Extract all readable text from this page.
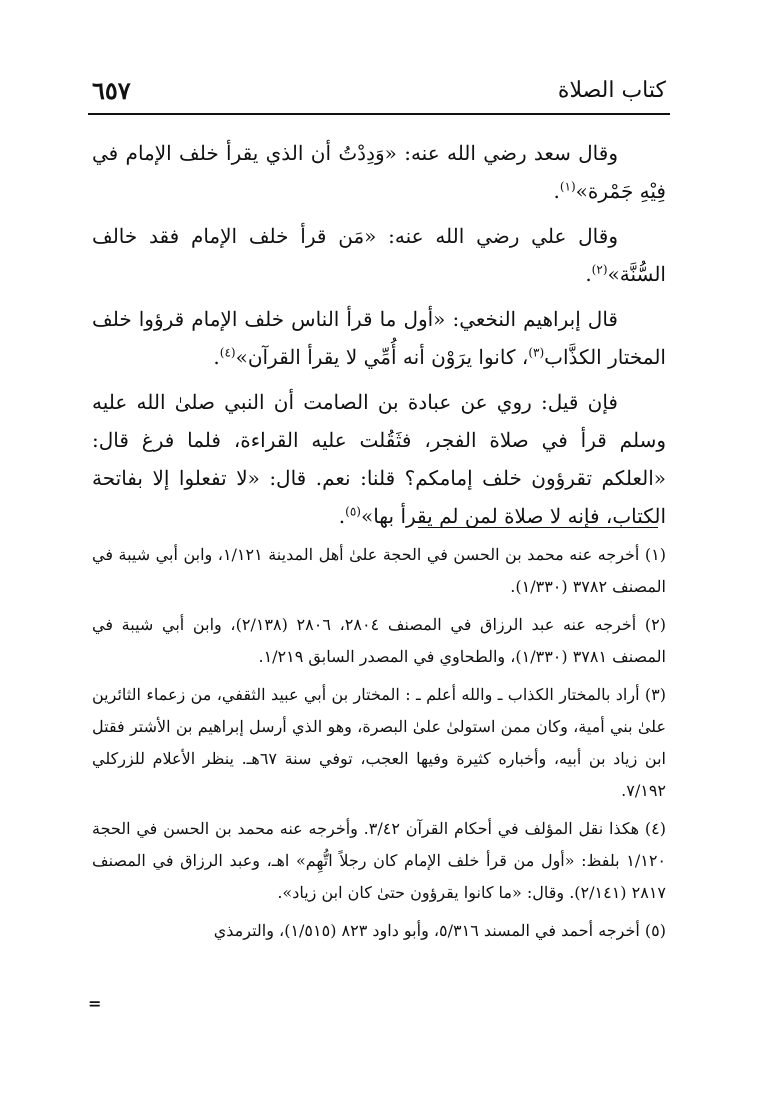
كتاب الصلاة
٦٥٧

وقال سعد رضي الله عنه: «وَدِدْتُ أن الذي يقرأ خلف الإمام في فِيْهِ جَمْرة»$^{(١)}$.

وقال علي رضي الله عنه: «مَن قرأ خلف الإمام فقد خالف السُّنَّة»$^{(٢)}$.

قال إبراهيم النخعي: «أول ما قرأ الناس خلف الإمام قرؤوا خلف المختار الكذَّاب$^{(٣)}$، كانوا يرَوْن أنه أُمِّي لا يقرأ القرآن»$^{(٤)}$.

فإن قيل: روي عن عبادة بن الصامت أن النبي صلىٰ الله عليه وسلم قرأ في صلاة الفجر، فثَقُلت عليه القراءة، فلما فرغ قال: «العلكم تقرؤون خلف إمامكم؟ قلنا: نعم. قال: «لا تفعلوا إلا بفاتحة الكتاب، فإنه لا صلاة لمن لم يقرأ بها»$^{(٥)}$.

(١) أخرجه عنه محمد بن الحسن في الحجة علىٰ أهل المدينة ١/١٢١، وابن أبي شيبة في المصنف ٣٧٨٢ (١/٣٣٠).

(٢) أخرجه عنه عبد الرزاق في المصنف ٢٨٠٤، ٢٨٠٦ (٢/١٣٨)، وابن أبي شيبة في المصنف ٣٧٨١ (١/٣٣٠)، والطحاوي في المصدر السابق ١/٢١٩.

(٣) أراد بالمختار الكذاب ـ والله أعلم ـ : المختار بن أبي عبيد الثقفي، من زعماء الثائرين علىٰ بني أمية، وكان ممن استولىٰ علىٰ البصرة، وهو الذي أرسل إبراهيم بن الأشتر فقتل ابن زياد بن أبيه، وأخباره كثيرة وفيها العجب، توفي سنة ٦٧هـ. ينظر الأعلام للزركلي ٧/١٩٢.

(٤) هكذا نقل المؤلف في أحكام القرآن ٣/٤٢. وأخرجه عنه محمد بن الحسن في الحجة ١/١٢٠ بلفظ: «أول من قرأ خلف الإمام كان رجلاً اتُّهِم» اهـ، وعبد الرزاق في المصنف ٢٨١٧ (٢/١٤١). وقال: «ما كانوا يقرؤون حتىٰ كان ابن زياد».

(٥) أخرجه أحمد في المسند ٥/٣١٦، وأبو داود ٨٢٣ (١/٥١٥)، والترمذي

=
